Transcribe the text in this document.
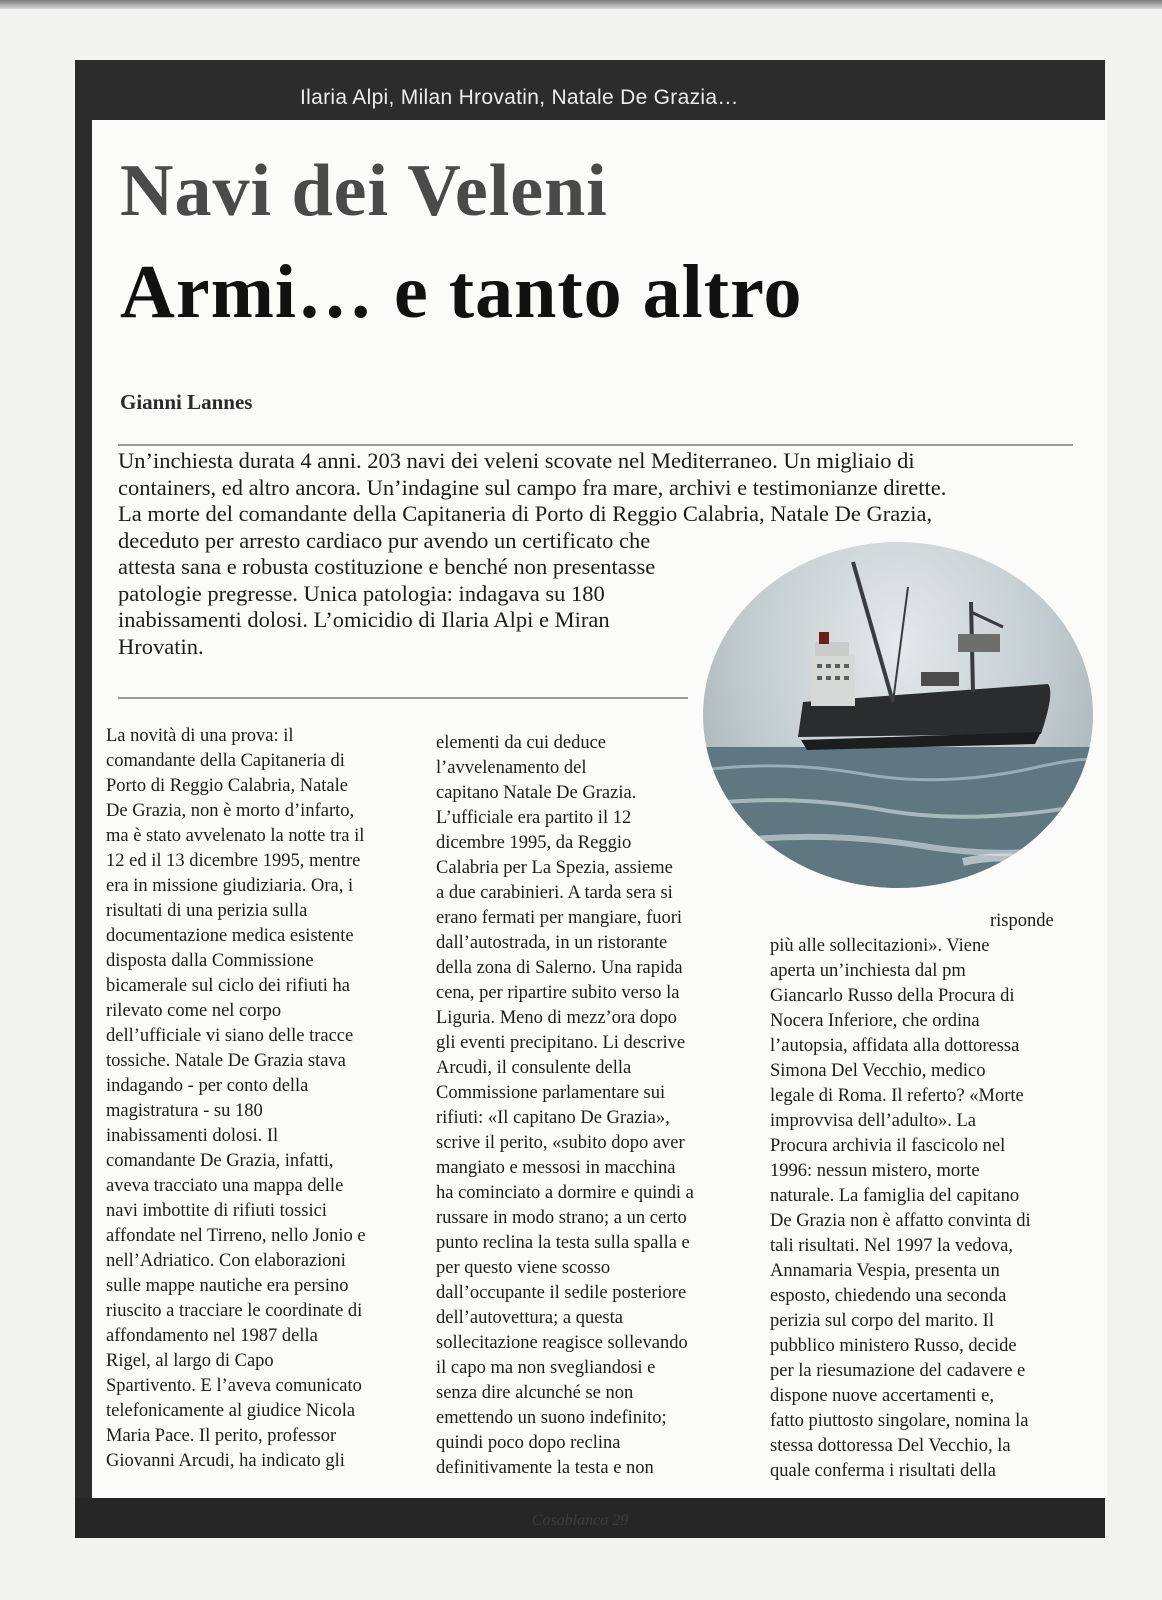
Ilaria Alpi, Milan Hrovatin, Natale De Grazia…
Navi dei Veleni
Armi… e tanto altro
Gianni Lannes

Un’inchiesta durata 4 anni. 203 navi dei veleni scovate nel Mediterraneo. Un migliaio di
containers, ed altro ancora. Un’indagine sul campo fra mare, archivi e testimonianze dirette.
La morte del comandante della Capitaneria di Porto di Reggio Calabria, Natale De Grazia,
deceduto per arresto cardiaco pur avendo un certificato che
attesta sana e robusta costituzione e benché non presentasse
patologie pregresse. Unica patologia: indagava su 180
inabissamenti dolosi. L’omicidio di Ilaria Alpi e Miran
Hrovatin.

La novità di una prova: il
comandante della Capitaneria di
Porto di Reggio Calabria, Natale
De Grazia, non è morto d’infarto,
ma è stato avvelenato la notte tra il
12 ed il 13 dicembre 1995, mentre
era in missione giudiziaria. Ora, i
risultati di una perizia sulla
documentazione medica esistente
disposta dalla Commissione
bicamerale sul ciclo dei rifiuti ha
rilevato come nel corpo
dell’ufficiale vi siano delle tracce
tossiche. Natale De Grazia stava
indagando - per conto della
magistratura - su 180
inabissamenti dolosi. Il
comandante De Grazia, infatti,
aveva tracciato una mappa delle
navi imbottite di rifiuti tossici
affondate nel Tirreno, nello Jonio e
nell’Adriatico. Con elaborazioni
sulle mappe nautiche era persino
riuscito a tracciare le coordinate di
affondamento nel 1987 della
Rigel, al largo di Capo
Spartivento. E l’aveva comunicato
telefonicamente al giudice Nicola
Maria Pace. Il perito, professor
Giovanni Arcudi, ha indicato gli
elementi da cui deduce
l’avvelenamento del
capitano Natale De Grazia.
L’ufficiale era partito il 12
dicembre 1995, da Reggio
Calabria per La Spezia, assieme
a due carabinieri. A tarda sera si
erano fermati per mangiare, fuori
dall’autostrada, in un ristorante
della zona di Salerno. Una rapida
cena, per ripartire subito verso la
Liguria. Meno di mezz’ora dopo
gli eventi precipitano. Li descrive
Arcudi, il consulente della
Commissione parlamentare sui
rifiuti: «Il capitano De Grazia»,
scrive il perito, «subito dopo aver
mangiato e messosi in macchina
ha cominciato a dormire e quindi a
russare in modo strano; a un certo
punto reclina la testa sulla spalla e
per questo viene scosso
dall’occupante il sedile posteriore
dell’autovettura; a questa
sollecitazione reagisce sollevando
il capo ma non svegliandosi e
senza dire alcunché se non
emettendo un suono indefinito;
quindi poco dopo reclina
definitivamente la testa e non
risponde
più alle sollecitazioni». Viene
aperta un’inchiesta dal pm
Giancarlo Russo della Procura di
Nocera Inferiore, che ordina
l’autopsia, affidata alla dottoressa
Simona Del Vecchio, medico
legale di Roma. Il referto? «Morte
improvvisa dell’adulto». La
Procura archivia il fascicolo nel
1996: nessun mistero, morte
naturale. La famiglia del capitano
De Grazia non è affatto convinta di
tali risultati. Nel 1997 la vedova,
Annamaria Vespia, presenta un
esposto, chiedendo una seconda
perizia sul corpo del marito. Il
pubblico ministero Russo, decide
per la riesumazione del cadavere e
dispone nuove accertamenti e,
fatto piuttosto singolare, nomina la
stessa dottoressa Del Vecchio, la
quale conferma i risultati della
Casablanca 29
